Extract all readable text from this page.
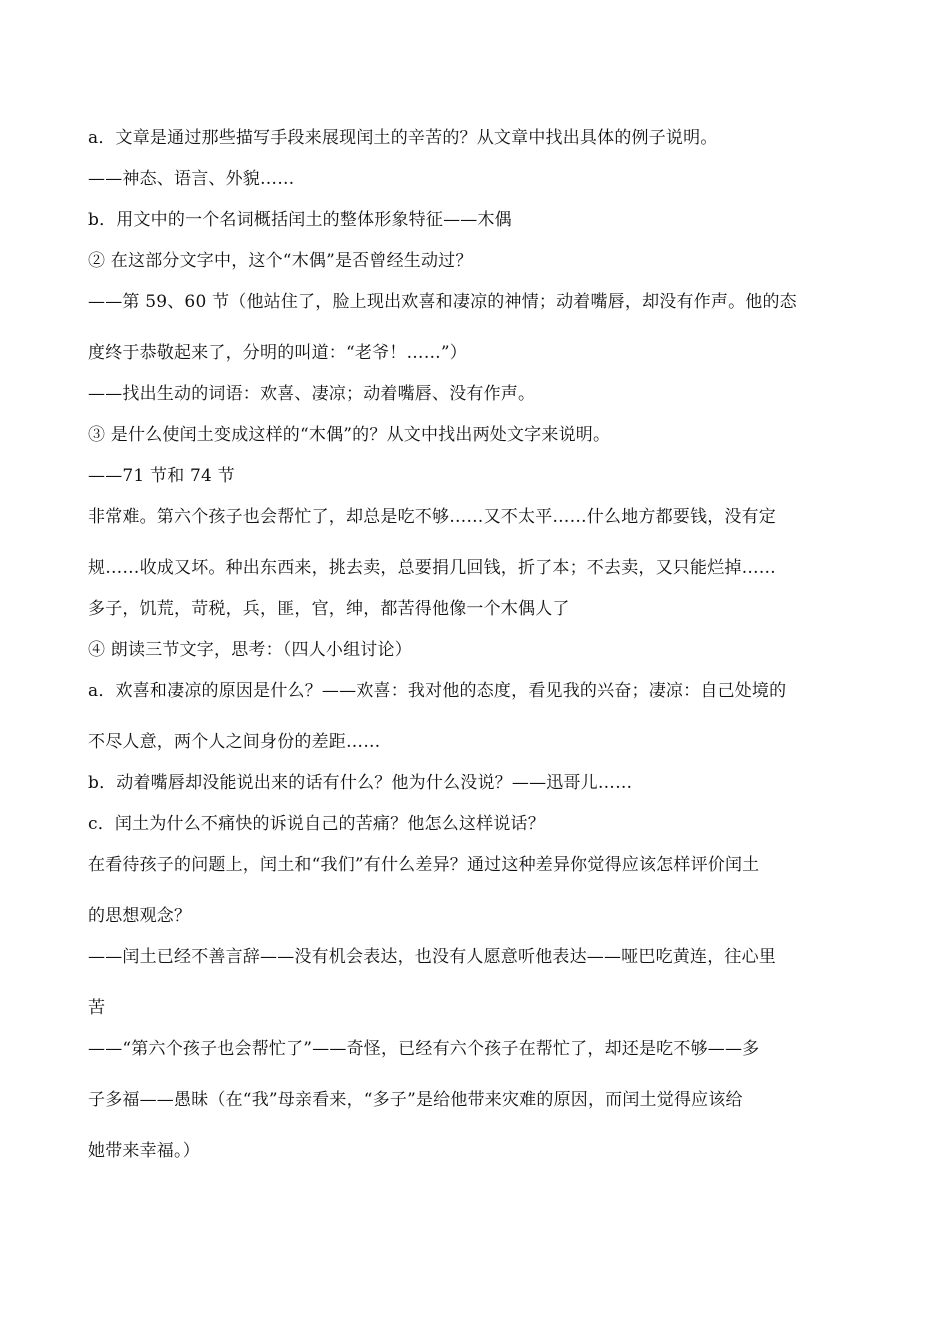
a．文章是通过那些描写手段来展现闰土的辛苦的？从文章中找出具体的例子说明。

——神态、语言、外貌……

b．用文中的一个名词概括闰土的整体形象特征——木偶

② 在这部分文字中，这个“木偶”是否曾经生动过？

——第 59、60 节（他站住了，脸上现出欢喜和凄凉的神情；动着嘴唇，却没有作声。他的态

度终于恭敬起来了，分明的叫道：“老爷！……”）

——找出生动的词语：欢喜、凄凉；动着嘴唇、没有作声。

③ 是什么使闰土变成这样的“木偶”的？从文中找出两处文字来说明。

——71 节和 74 节

非常难。第六个孩子也会帮忙了，却总是吃不够……又不太平……什么地方都要钱，没有定

规……收成又坏。种出东西来，挑去卖，总要捐几回钱，折了本；不去卖，又只能烂掉……

多子，饥荒，苛税，兵，匪，官，绅，都苦得他像一个木偶人了

④ 朗读三节文字，思考：（四人小组讨论）

a．欢喜和凄凉的原因是什么？——欢喜：我对他的态度，看见我的兴奋；凄凉：自己处境的

不尽人意，两个人之间身份的差距……

b．动着嘴唇却没能说出来的话有什么？他为什么没说？——迅哥儿……

c．闰土为什么不痛快的诉说自己的苦痛？他怎么这样说话？

在看待孩子的问题上，闰土和“我们”有什么差异？通过这种差异你觉得应该怎样评价闰土

的思想观念？

——闰土已经不善言辞——没有机会表达，也没有人愿意听他表达——哑巴吃黄连，往心里

苦

——“第六个孩子也会帮忙了”——奇怪，已经有六个孩子在帮忙了，却还是吃不够——多

子多福——愚昧（在“我”母亲看来，“多子”是给他带来灾难的原因，而闰土觉得应该给

她带来幸福。）
